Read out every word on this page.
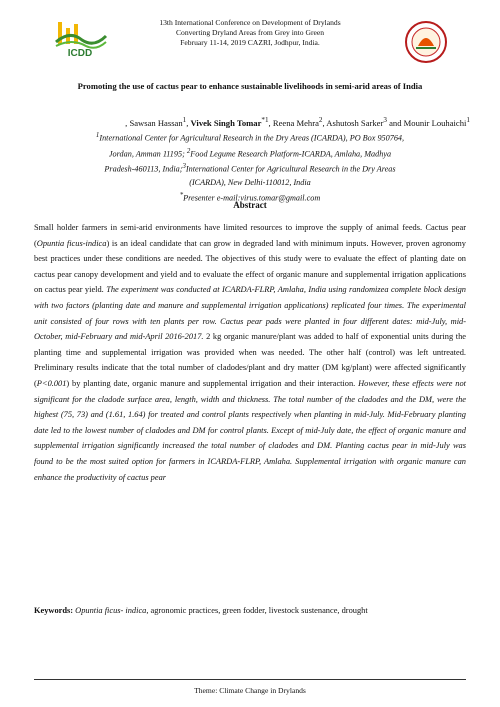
ICDD
13th International Conference on Development of Drylands
Converting Dryland Areas from Grey into Green
February 11-14, 2019 CAZRI, Jodhpur, India.
Promoting the use of cactus pear to enhance sustainable livelihoods in semi-arid areas of India
, Sawsan Hassan$^1$, Vivek Singh Tomar$^{*1}$, Reena Mehra$^2$, Ashutosh Sarker$^3$ and Mounir Louhaichi$^1$
$^1$International Center for Agricultural Research in the Dry Areas (ICARDA), PO Box 950764,
Jordan, Amman 11195; $^2$Food Legume Research Platform-ICARDA, Amlaha, Madhya
Pradesh-460113, India;$^3$International Center for Agricultural Research in the Dry Areas
(ICARDA), New Delhi-110012, India
*Presenter e-mail:virus.tomar@gmail.com
Abstract

Small holder farmers in semi-arid environments have limited resources to improve the supply of animal feeds. Cactus pear (Opuntia ficus-indica) is an ideal candidate that can grow in degraded land with minimum inputs. However, proven agronomy best practices under these conditions are needed. The objectives of this study were to evaluate the effect of planting date on cactus pear canopy development and yield and to evaluate the effect of organic manure and supplemental irrigation applications on cactus pear yield. The experiment was conducted at ICARDA-FLRP, Amlaha, India using randomizea complete block design with two factors (planting date and manure and supplemental irrigation applications) replicated four times. The experimental unit consisted of four rows with ten plants per row. Cactus pear pads were planted in four different dates: mid-July, mid-October, mid-February and mid-April 2016-2017. 2 kg organic manure/plant was added to half of exponential units during the planting time and supplemental irrigation was provided when was needed. The other half (control) was left untreated. Preliminary results indicate that the total number of cladodes/plant and dry matter (DM kg/plant) were affected significantly (P<0.001) by planting date, organic manure and supplemental irrigation and their interaction. However, these effects were not significant for the cladode surface area, length, width and thickness. The total number of the cladodes and the DM, were the highest (75, 73) and (1.61, 1.64) for treated and control plants respectively when planting in mid-July. Mid-February planting date led to the lowest number of cladodes and DM for control plants. Except of mid-July date, the effect of organic manure and supplemental irrigation significantly increased the total number of cladodes and DM. Planting cactus pear in mid-July was found to be the most suited option for farmers in ICARDA-FLRP, Amlaha. Supplemental irrigation with organic manure can enhance the productivity of cactus pear

Keywords: Opuntia ficus- indica, agronomic practices, green fodder, livestock sustenance, drought
Theme: Climate Change in Drylands
